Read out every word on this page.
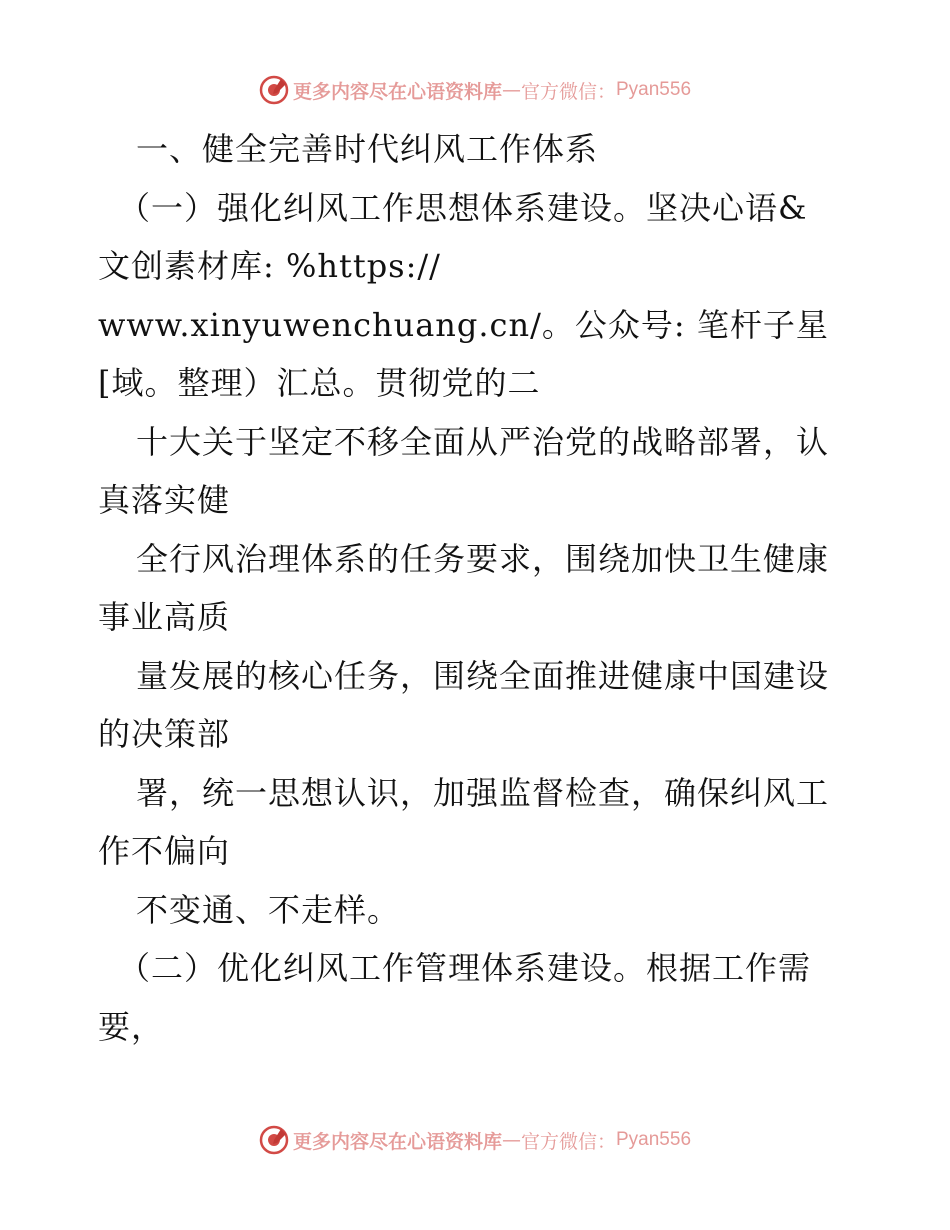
更多内容尽在心语资料库 — 官方微信： Pyan556
一、健全完善时代纠风工作体系
（一）强化纠风工作思想体系建设。坚决心语&
文创素材库: %https://
www.xinyuwenchuang.cn/。公众号: 笔杆子星
[域。整理）汇总。贯彻党的二
十大关于坚定不移全面从严治党的战略部署，认
真落实健
全行风治理体系的任务要求，围绕加快卫生健康
事业高质
量发展的核心任务，围绕全面推进健康中国建设
的决策部
署，统一思想认识，加强监督检查，确保纠风工
作不偏向
不变通、不走样。
（二）优化纠风工作管理体系建设。根据工作需
要，
更多内容尽在心语资料库 — 官方微信： Pyan556
